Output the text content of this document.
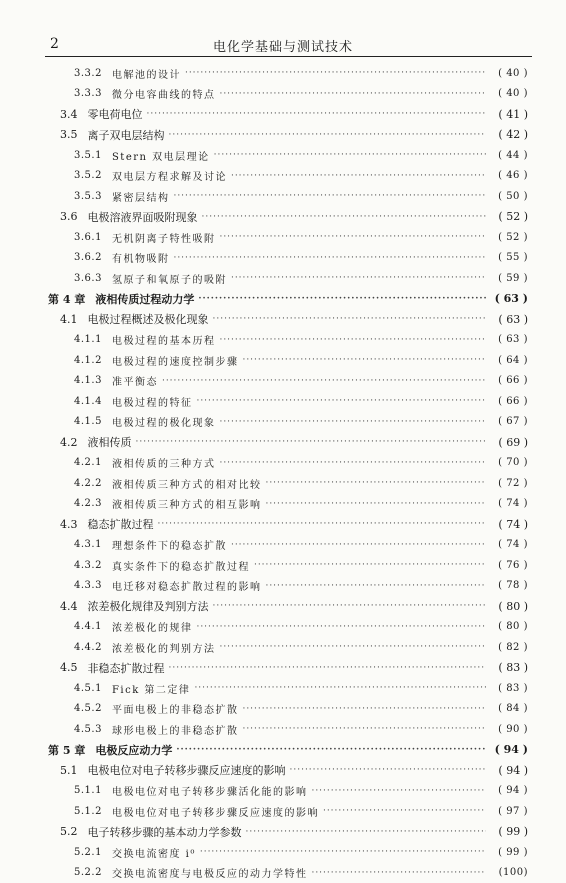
2	电化学基础与测试技术
3.3.2 电解池的设计 ·····	( 40 )
3.3.3 微分电容曲线的特点 ·····	( 40 )
3.4 零电荷电位 ·····	( 41 )
3.5 离子双电层结构 ·····	( 42 )
3.5.1 Stern 双电层理论 ·····	( 44 )
3.5.2 双电层方程求解及讨论 ·····	( 46 )
3.5.3 紧密层结构 ·····	( 50 )
3.6 电极溶液界面吸附现象 ·····	( 52 )
3.6.1 无机阴离子特性吸附 ·····	( 52 )
3.6.2 有机物吸附 ·····	( 55 )
3.6.3 氢原子和氧原子的吸附 ·····	( 59 )
第 4 章 液相传质过程动力学 ·····	( 63 )
4.1 电极过程概述及极化现象 ·····	( 63 )
4.1.1 电极过程的基本历程 ·····	( 63 )
4.1.2 电极过程的速度控制步骤 ·····	( 64 )
4.1.3 准平衡态 ·····	( 66 )
4.1.4 电极过程的特征 ·····	( 66 )
4.1.5 电极过程的极化现象 ·····	( 67 )
4.2 液相传质 ·····	( 69 )
4.2.1 液相传质的三种方式 ·····	( 70 )
4.2.2 液相传质三种方式的相对比较 ·····	( 72 )
4.2.3 液相传质三种方式的相互影响 ·····	( 74 )
4.3 稳态扩散过程 ·····	( 74 )
4.3.1 理想条件下的稳态扩散 ·····	( 74 )
4.3.2 真实条件下的稳态扩散过程 ·····	( 76 )
4.3.3 电迁移对稳态扩散过程的影响 ·····	( 78 )
4.4 浓差极化规律及判别方法 ·····	( 80 )
4.4.1 浓差极化的规律 ·····	( 80 )
4.4.2 浓差极化的判别方法 ·····	( 82 )
4.5 非稳态扩散过程 ·····	( 83 )
4.5.1 Fick 第二定律 ·····	( 83 )
4.5.2 平面电极上的非稳态扩散 ·····	( 84 )
4.5.3 球形电极上的非稳态扩散 ·····	( 90 )
第 5 章 电极反应动力学 ·····	( 94 )
5.1 电极电位对电子转移步骤反应速度的影响 ·····	( 94 )
5.1.1 电极电位对电子转移步骤活化能的影响 ·····	( 94 )
5.1.2 电极电位对电子转移步骤反应速度的影响 ·····	( 97 )
5.2 电子转移步骤的基本动力学参数 ·····	( 99 )
5.2.1 交换电流密度 i⁰ ·····	( 99 )
5.2.2 交换电流密度与电极反应的动力学特性 ·····	(100)
